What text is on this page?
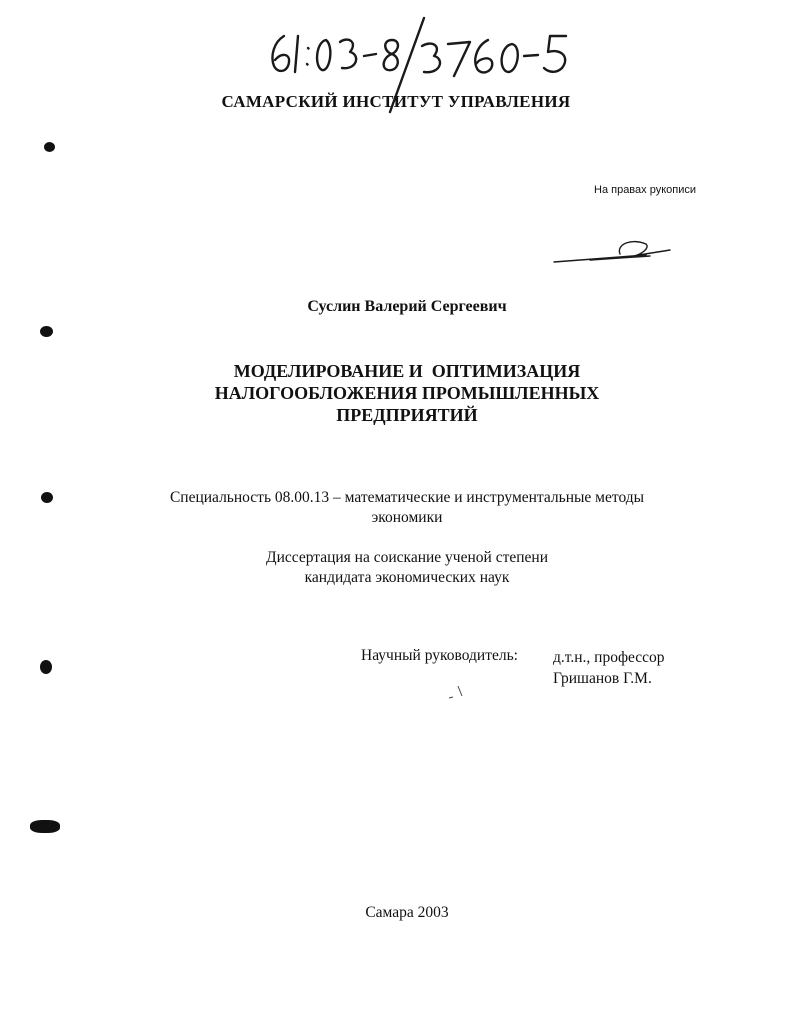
САМАРСКИЙ ИНСТИТУТ УПРАВЛЕНИЯ
На правах рукописи
Суслин Валерий Сергеевич
МОДЕЛИРОВАНИЕ И  ОПТИМИЗАЦИЯ
НАЛОГООБЛОЖЕНИЯ ПРОМЫШЛЕННЫХ
ПРЕДПРИЯТИЙ
Специальность 08.00.13 – математические и инструментальные методы
экономики
Диссертация на соискание ученой степени
кандидата экономических наук
Научный руководитель: д.т.н., профессор
Гришанов Г.М.
Самара 2003
